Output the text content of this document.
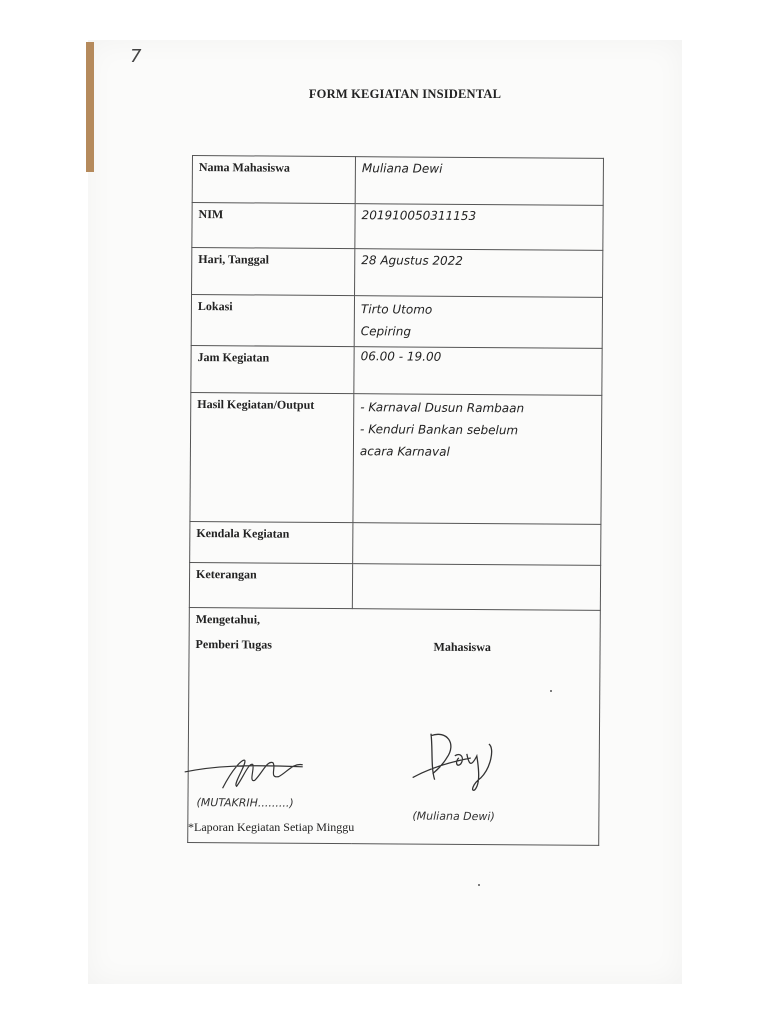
7
FORM KEGIATAN INSIDENTAL
Nama Mahasiswa	Muliana Dewi
NIM	201910050311153
Hari, Tanggal	28 Agustus 2022
Lokasi	Tirto Utomo
Cepiring

Jam Kegiatan	06.00 - 19.00
Hasil Kegiatan/Output	- Karnaval Dusun Rambaan
- Kenduri Bankan sebelum
acara Karnaval

Kendala Kegiatan	
Keterangan	

Mengetahui,
Pemberi Tugas Mahasiswa
(MUTAKRIH.........)
(Muliana Dewi)	
*Laporan Kegiatan Setiap Minggu
